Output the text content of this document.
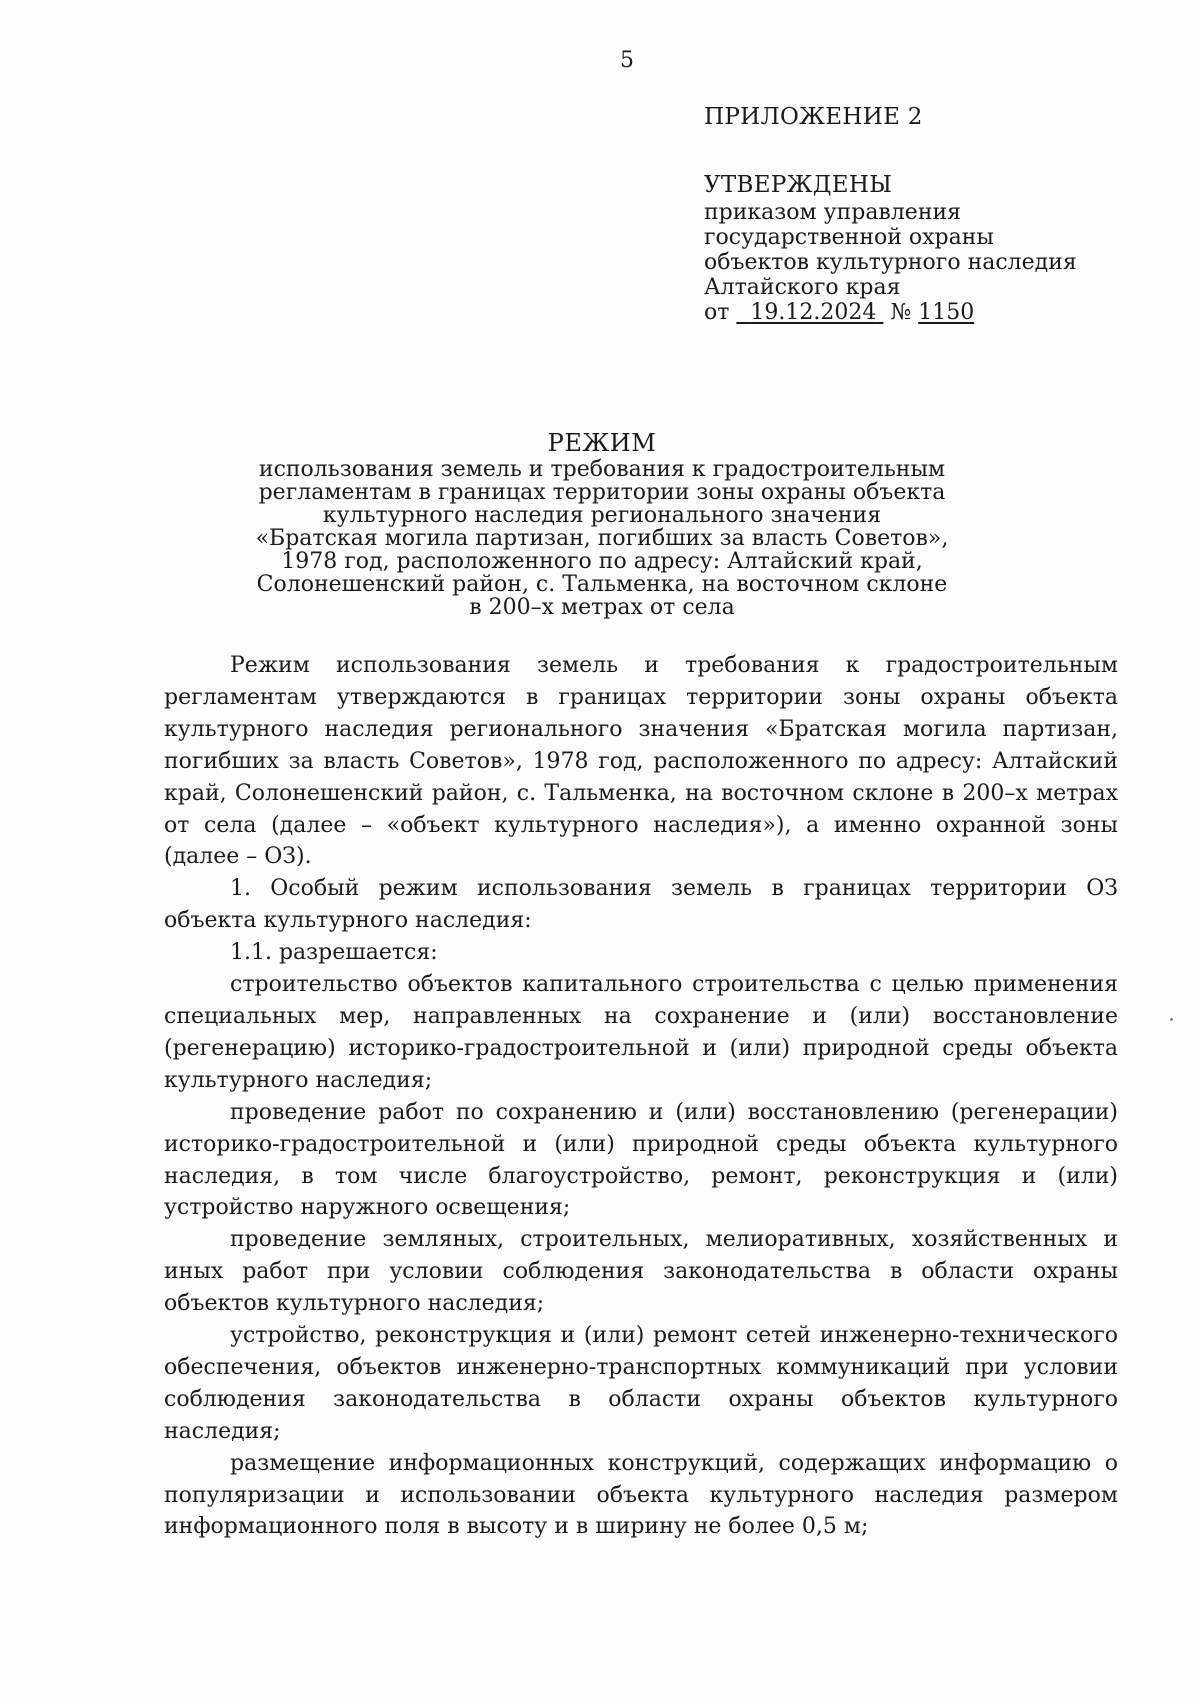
5
ПРИЛОЖЕНИЕ 2
УТВЕРЖДЕНЫ
приказом управления
государственной охраны
объектов культурного наследия
Алтайского края
от 19.12.2024 № 1150
РЕЖИМ
использования земель и требования к градостроительным
регламентам в границах территории зоны охраны объекта
культурного наследия регионального значения
«Братская могила партизан, погибших за власть Советов»,
1978 год, расположенного по адресу: Алтайский край,
Солонешенский район, с. Тальменка, на восточном склоне
в 200–х метрах от села

Режим использования земель и требования к градостроительным регламентам утверждаются в границах территории зоны охраны объекта культурного наследия регионального значения «Братская могила партизан, погибших за власть Советов», 1978 год, расположенного по адресу: Алтайский край, Солонешенский район, с. Тальменка, на восточном склоне в 200–х метрах от села (далее – «объект культурного наследия»), а именно охранной зоны (далее – ОЗ).

1. Особый режим использования земель в границах территории ОЗ объекта культурного наследия:

1.1. разрешается:

строительство объектов капитального строительства с целью применения специальных мер, направленных на сохранение и (или) восстановление (регенерацию) историко-градостроительной и (или) природной среды объекта культурного наследия;

проведение работ по сохранению и (или) восстановлению (регенерации) историко-градостроительной и (или) природной среды объекта культурного наследия, в том числе благоустройство, ремонт, реконструкция и (или) устройство наружного освещения;

проведение земляных, строительных, мелиоративных, хозяйственных и иных работ при условии соблюдения законодательства в области охраны объектов культурного наследия;

устройство, реконструкция и (или) ремонт сетей инженерно-технического обеспечения, объектов инженерно-транспортных коммуникаций при условии соблюдения законодательства в области охраны объектов культурного наследия;

размещение информационных конструкций, содержащих информацию о популяризации и использовании объекта культурного наследия размером информационного поля в высоту и в ширину не более 0,5 м;
